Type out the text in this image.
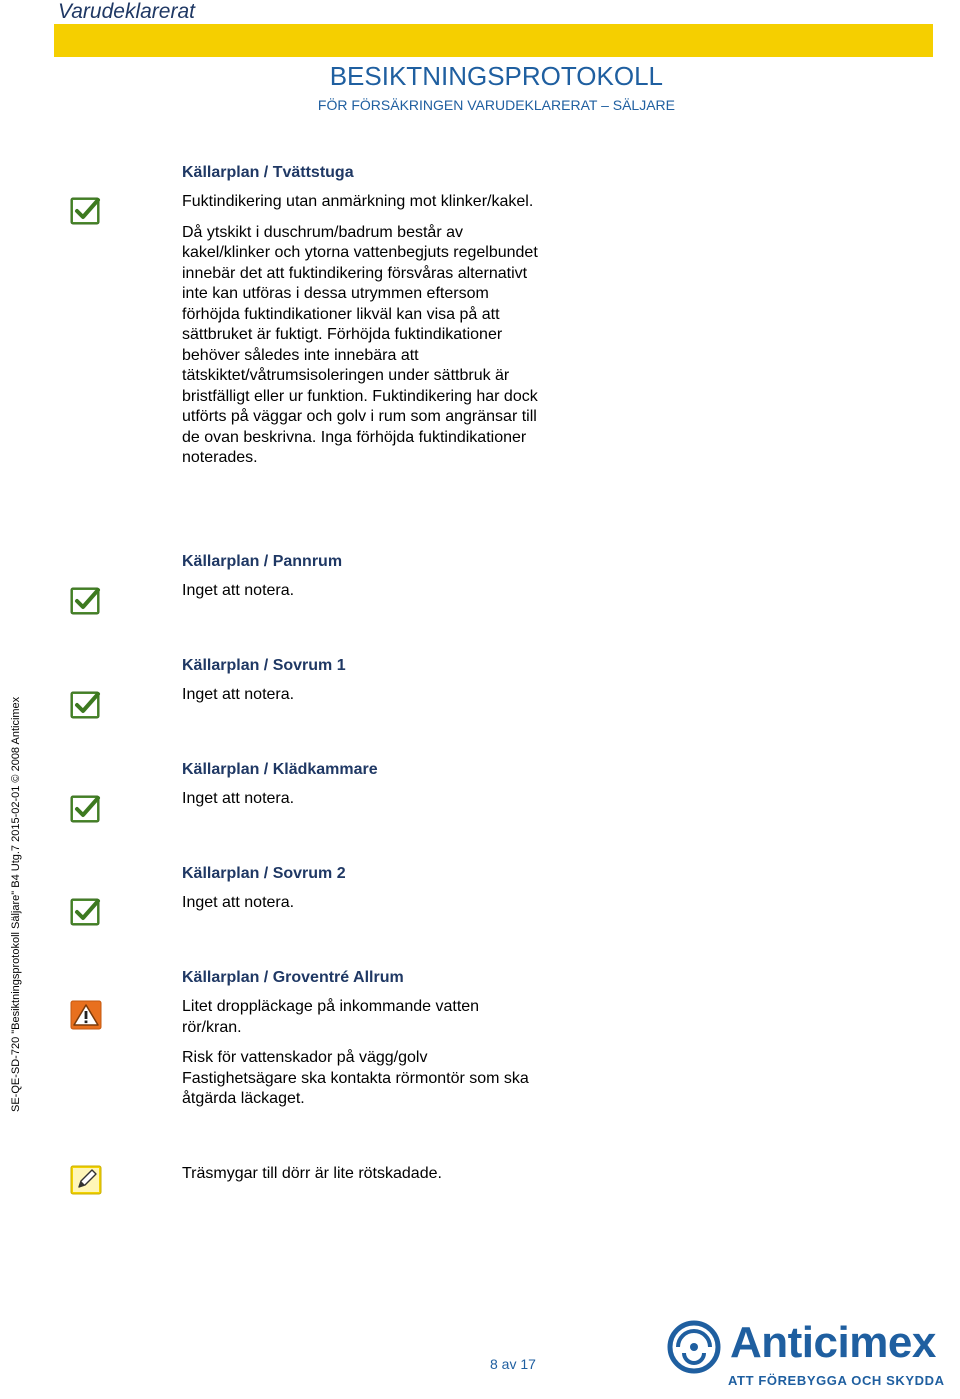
Varudeklarerat
BESIKTNINGSPROTOKOLL
FÖR FÖRSÄKRINGEN VARUDEKLARERAT – SÄLJARE

Källarplan / Tvättstuga

Fuktindikering utan anmärkning mot klinker/kakel.

Då ytskikt i duschrum/badrum består av kakel/klinker och ytorna vattenbegjuts regelbundet innebär det att fuktindikering försvåras alternativt inte kan utföras i dessa utrymmen eftersom förhöjda fuktindikationer likväl kan visa på att sättbruket är fuktigt. Förhöjda fuktindikationer behöver således inte innebära att tätskiktet/våtrumsisoleringen under sättbruk är bristfälligt eller ur funktion. Fuktindikering har dock utförts på väggar och golv i rum som angränsar till de ovan beskrivna. Inga förhöjda fuktindikationer noterades.

Källarplan / Pannrum

Inget att notera.

Källarplan / Sovrum 1

Inget att notera.

Källarplan / Klädkammare

Inget att notera.

Källarplan / Sovrum 2

Inget att notera.

Källarplan / Groventré Allrum

Litet droppläckage på inkommande vatten rör/kran.

Risk för vattenskador på vägg/golv Fastighetsägare ska kontakta rörmontör som ska åtgärda läckaget.

Träsmygar till dörr är lite rötskadade.

SE-QE-SD-720 "Besiktningsprotokoll Säljare" B4 Utg.7 2015-02-01 © 2008 Anticimex
8 av 17	Anticimex
ATT FÖREBYGGA OCH SKYDDA
